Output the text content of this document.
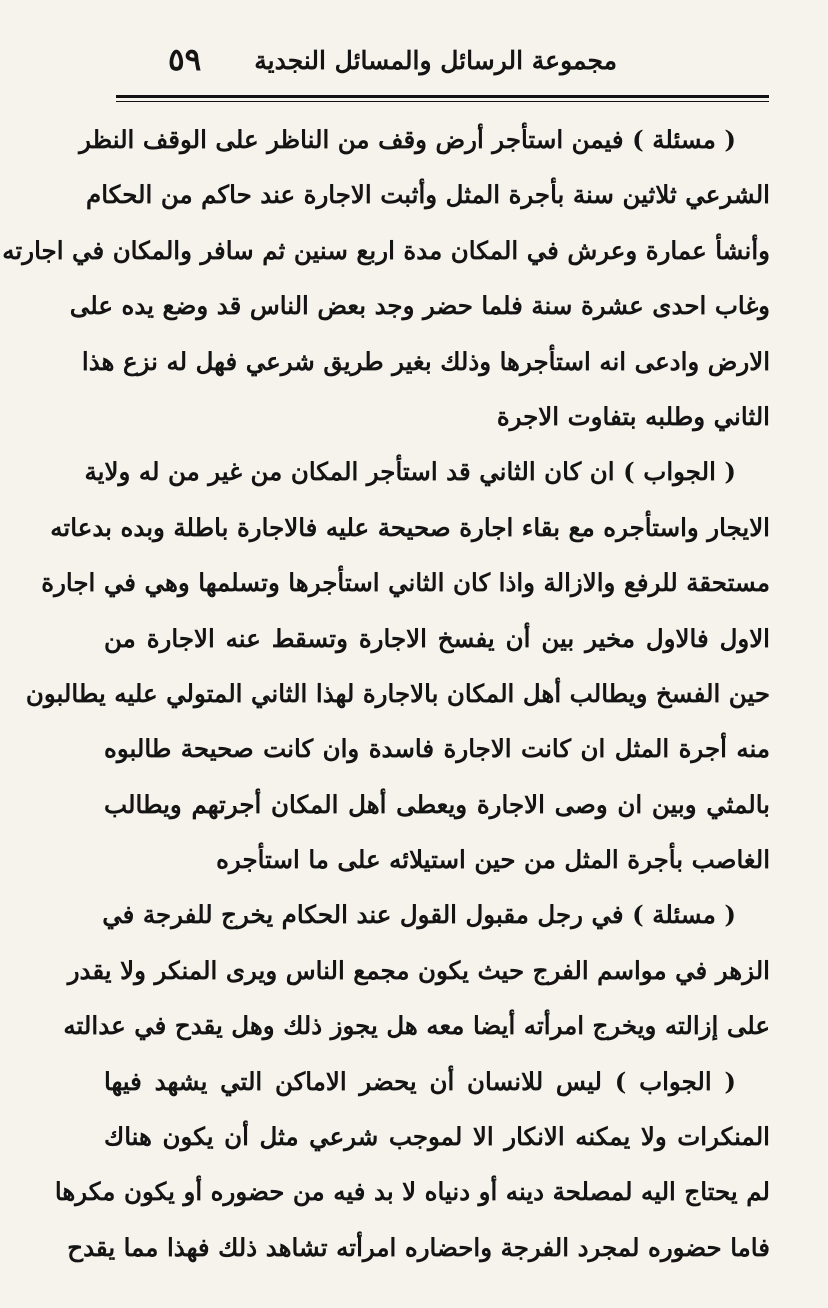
مجموعة الرسائل والمسائل النجدية
٥٩
( مسئلة ) فيمن استأجر أرض وقف من الناظر على الوقف النظر
الشرعي ثلاثين سنة بأجرة المثل وأثبت الاجارة عند حاكم من الحكام
وأنشأ عمارة وعرش في المكان مدة اربع سنين ثم سافر والمكان في اجارته
وغاب احدى عشرة سنة فلما حضر وجد بعض الناس قد وضع يده على
الارض وادعى انه استأجرها وذلك بغير طريق شرعي فهل له نزع هذا
الثاني وطلبه بتفاوت الاجرة
( الجواب ) ان كان الثاني قد استأجر المكان من غير من له ولاية
الايجار واستأجره مع بقاء اجارة صحيحة عليه فالاجارة باطلة وبده بدعاته
مستحقة للرفع والازالة واذا كان الثاني استأجرها وتسلمها وهي في اجارة
الاول فالاول مخير بين أن يفسخ الاجارة وتسقط عنه الاجارة من
حين الفسخ ويطالب أهل المكان بالاجارة لهذا الثاني المتولي عليه يطالبون
منه أجرة المثل ان كانت الاجارة فاسدة وان كانت صحيحة طالبوه
بالمثي وبين ان وصى الاجارة ويعطى أهل المكان أجرتهم ويطالب
الغاصب بأجرة المثل من حين استيلائه على ما استأجره
( مسئلة ) في رجل مقبول القول عند الحكام يخرج للفرجة في
الزهر في مواسم الفرج حيث يكون مجمع الناس ويرى المنكر ولا يقدر
على إزالته ويخرج امرأته أيضا معه هل يجوز ذلك وهل يقدح في عدالته
( الجواب ) ليس للانسان أن يحضر الاماكن التي يشهد فيها
المنكرات ولا يمكنه الانكار الا لموجب شرعي مثل أن يكون هناك
لم يحتاج اليه لمصلحة دينه أو دنياه لا بد فيه من حضوره أو يكون مكرها
فاما حضوره لمجرد الفرجة واحضاره امرأته تشاهد ذلك فهذا مما يقدح
